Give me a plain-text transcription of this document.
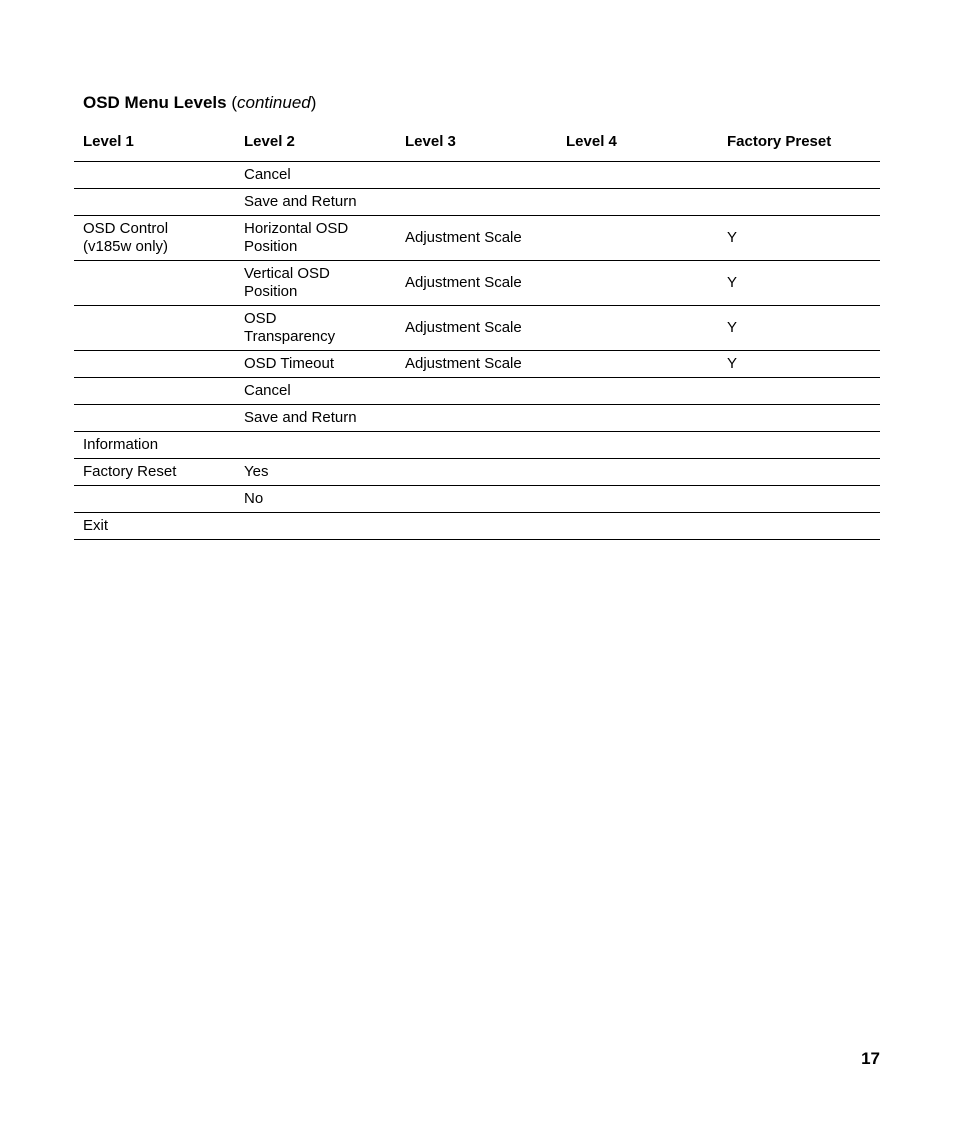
OSD Menu Levels (continued)
Level 1	Level 2	Level 3	Level 4	Factory Preset
	Cancel			
	Save and Return			
OSD Control (v185w only)	Horizontal OSD Position	Adjustment Scale		Y
	Vertical OSD Position	Adjustment Scale		Y
	OSD Transparency	Adjustment Scale		Y
	OSD Timeout	Adjustment Scale		Y
	Cancel			
	Save and Return			
Information				
Factory Reset	Yes			
	No			
Exit				
17
